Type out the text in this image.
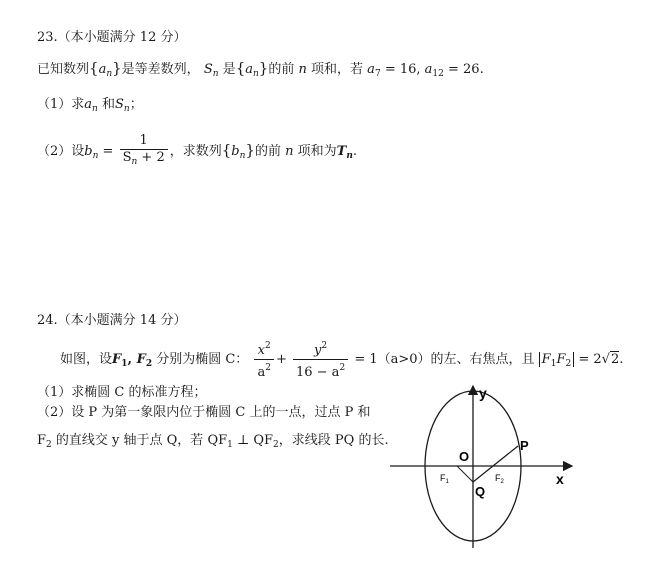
23.（本小题满分 12 分）
已知数列$\{a_n\}$是等差数列， $S_n$ 是$\{a_n\}$的前 n 项和，若 $a_7 = 16$, $a_{12} = 26$.
（1）求$a_n$ 和$S_n$；
（2）设$b_n = \frac{1}{S_n + 2}$ ，求数列$\{b_n\}$的前 n 项和为$T_n$.
24.（本小题满分 14 分）
如图，设$F_1$, $F_2$ 分别为椭圆 C： $\frac{x^2}{a^2} + \frac{y^2}{16 - a^2} = 1(a>0)$的左、右焦点，且 $F_1F_2 = 2√2$.
（1）求椭圆 C 的标准方程；
（2）设 P 为第一象限内位于椭圆 C 上的一点，过点 P 和
$F_2$ 的直线交 y 轴于点 Q，若 $QF_1$ ⊥ $QF_2$，求线段 PQ 的长.
y
x
O
P
Q
$F_1$	$F_2$
